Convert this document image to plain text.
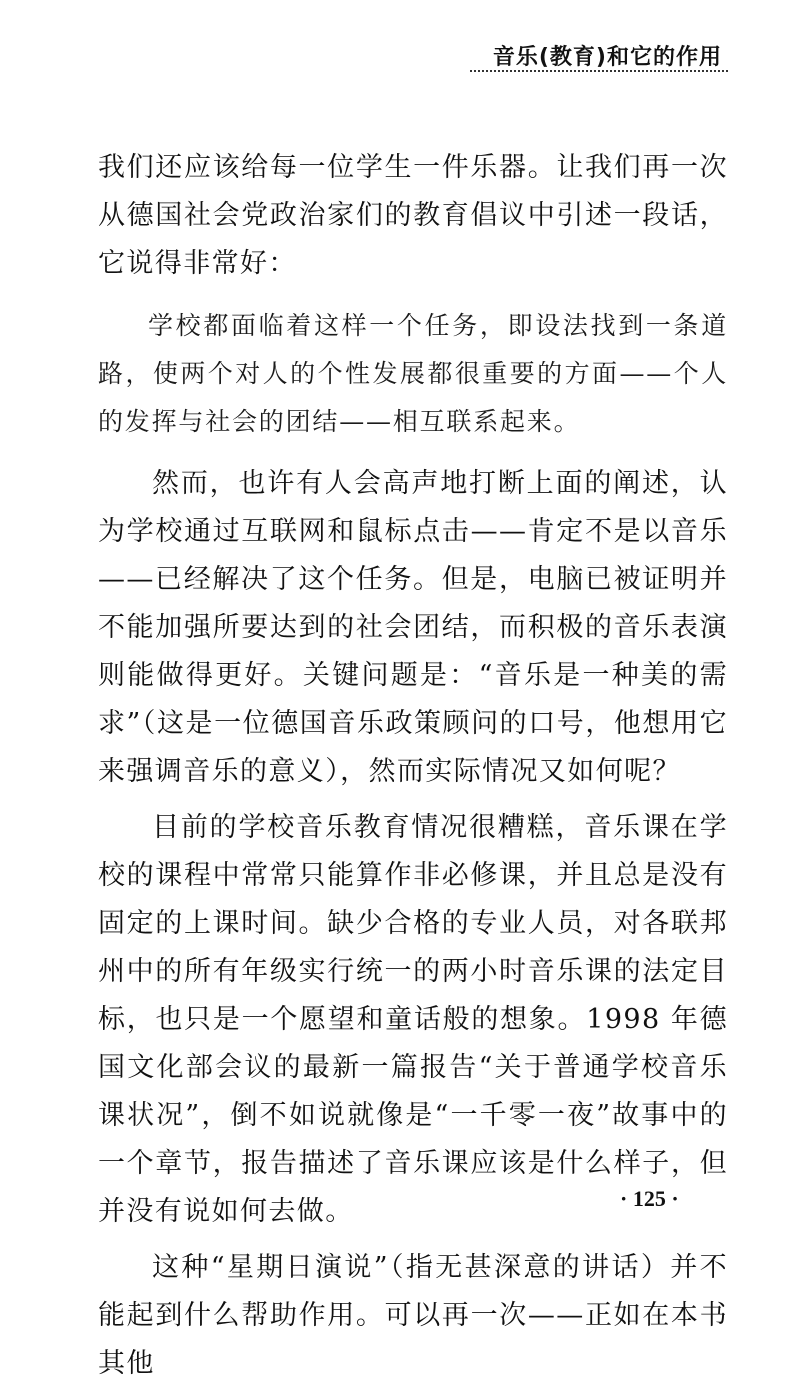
音乐(教育)和它的作用

我们还应该给每一位学生一件乐器。让我们再一次从德国社会党政治家们的教育倡议中引述一段话，它说得非常好：

学校都面临着这样一个任务，即设法找到一条道路，使两个对人的个性发展都很重要的方面——个人的发挥与社会的团结——相互联系起来。

然而，也许有人会高声地打断上面的阐述，认为学校通过互联网和鼠标点击——肯定不是以音乐——已经解决了这个任务。但是，电脑已被证明并不能加强所要达到的社会团结，而积极的音乐表演则能做得更好。关键问题是：“音乐是一种美的需求”（这是一位德国音乐政策顾问的口号，他想用它来强调音乐的意义），然而实际情况又如何呢？

目前的学校音乐教育情况很糟糕，音乐课在学校的课程中常常只能算作非必修课，并且总是没有固定的上课时间。缺少合格的专业人员，对各联邦州中的所有年级实行统一的两小时音乐课的法定目标，也只是一个愿望和童话般的想象。1998 年德国文化部会议的最新一篇报告“关于普通学校音乐课状况”，倒不如说就像是“一千零一夜”故事中的一个章节，报告描述了音乐课应该是什么样子，但并没有说如何去做。

这种“星期日演说”（指无甚深意的讲话）并不能起到什么帮助作用。可以再一次——正如在本书其他

· 125 ·
